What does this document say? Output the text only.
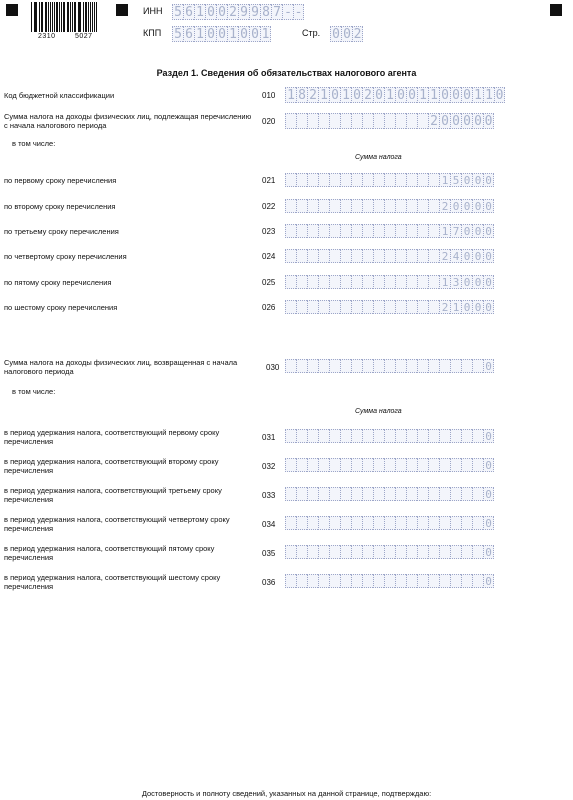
2310	5027
ИНН 5 6 1 0 0 2 9 9 8 7 - -
КПП 5 6 1 0 0 1 0 0 1	Стр. 0 0 2
Раздел 1. Сведения об обязательствах налогового агента
Код бюджетной классификации	010 1 8 2 1 0 1 0 2 0 1 0 0 1 1 0 0 0 1 1 0
Сумма налога на доходы физических лиц, подлежащая перечислению с начала налогового периода	020	2 0 0 0 0 0
в том числе:
Сумма налога
по первому сроку перечисления	021	1 5 0 0 0
по второму сроку перечисления	022	2 0 0 0 0
по третьему сроку перечисления	023	1 7 0 0 0
по четвертому сроку перечисления	024	2 4 0 0 0
по пятому сроку перечисления	025	1 3 0 0 0
по шестому сроку перечисления	026	2 1 0 0 0
Сумма налога на доходы физических лиц, возвращенная с начала налогового периода	030	0
в том числе:
Сумма налога
в период удержания налога, соответствующий первому сроку перечисления	031	0
в период удержания налога, соответствующий второму сроку перечисления	032	0
в период удержания налога, соответствующий третьему сроку перечисления	033	0
в период удержания налога, соответствующий четвертому сроку перечисления	034	0
в период удержания налога, соответствующий пятому сроку перечисления	035	0
в период удержания налога, соответствующий шестому сроку перечисления	036	0
Достоверность и полноту сведений, указанных на данной странице, подтверждаю:
